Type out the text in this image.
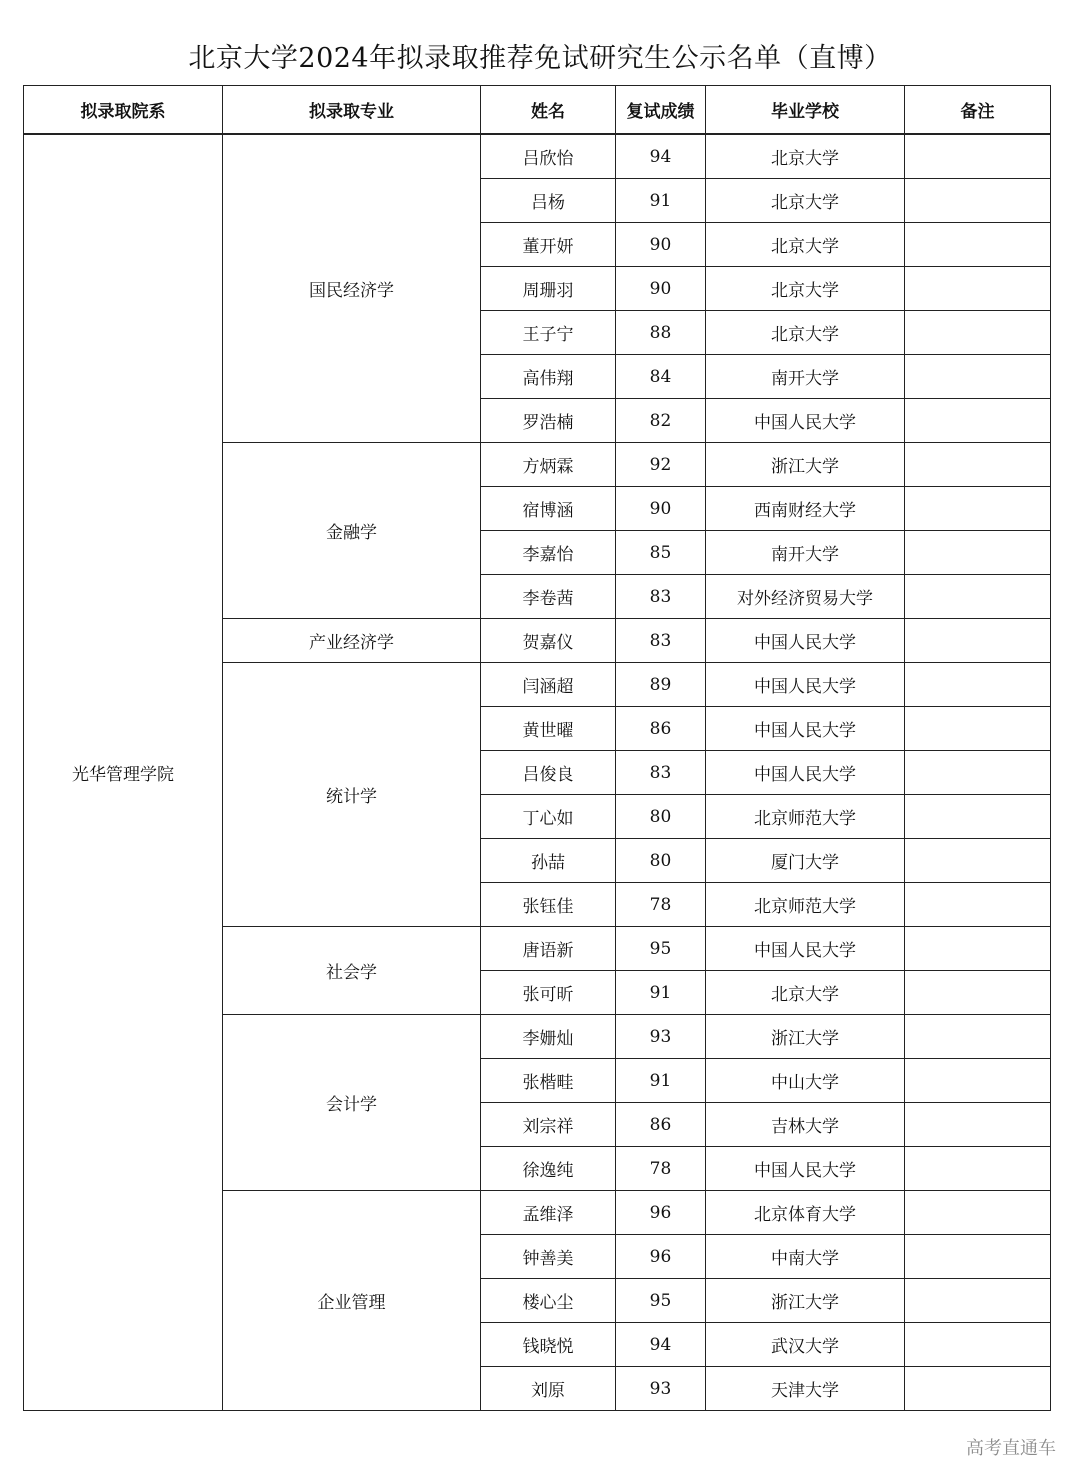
北京大学2024年拟录取推荐免试研究生公示名单（直博）
拟录取院系	拟录取专业	姓名	复试成绩	毕业学校	备注
光华管理学院	国民经济学	吕欣怡	94	北京大学	
		吕杨	91	北京大学	
		董开妍	90	北京大学	
		周珊羽	90	北京大学	
		王子宁	88	北京大学	
		高伟翔	84	南开大学	
		罗浩楠	82	中国人民大学	
	金融学	方炳霖	92	浙江大学	
		宿博涵	90	西南财经大学	
		李嘉怡	85	南开大学	
		李卷茜	83	对外经济贸易大学	
	产业经济学	贺嘉仪	83	中国人民大学	
	统计学	闫涵超	89	中国人民大学	
		黄世曜	86	中国人民大学	
		吕俊良	83	中国人民大学	
		丁心如	80	北京师范大学	
		孙喆	80	厦门大学	
		张钰佳	78	北京师范大学	
	社会学	唐语新	95	中国人民大学	
		张可昕	91	北京大学	
	会计学	李姗灿	93	浙江大学	
		张楷畦	91	中山大学	
		刘宗祥	86	吉林大学	
		徐逸纯	78	中国人民大学	
	企业管理	孟维泽	96	北京体育大学	
		钟善美	96	中南大学	
		楼心尘	95	浙江大学	
		钱晓悦	94	武汉大学	
		刘原	93	天津大学	
高考直通车
